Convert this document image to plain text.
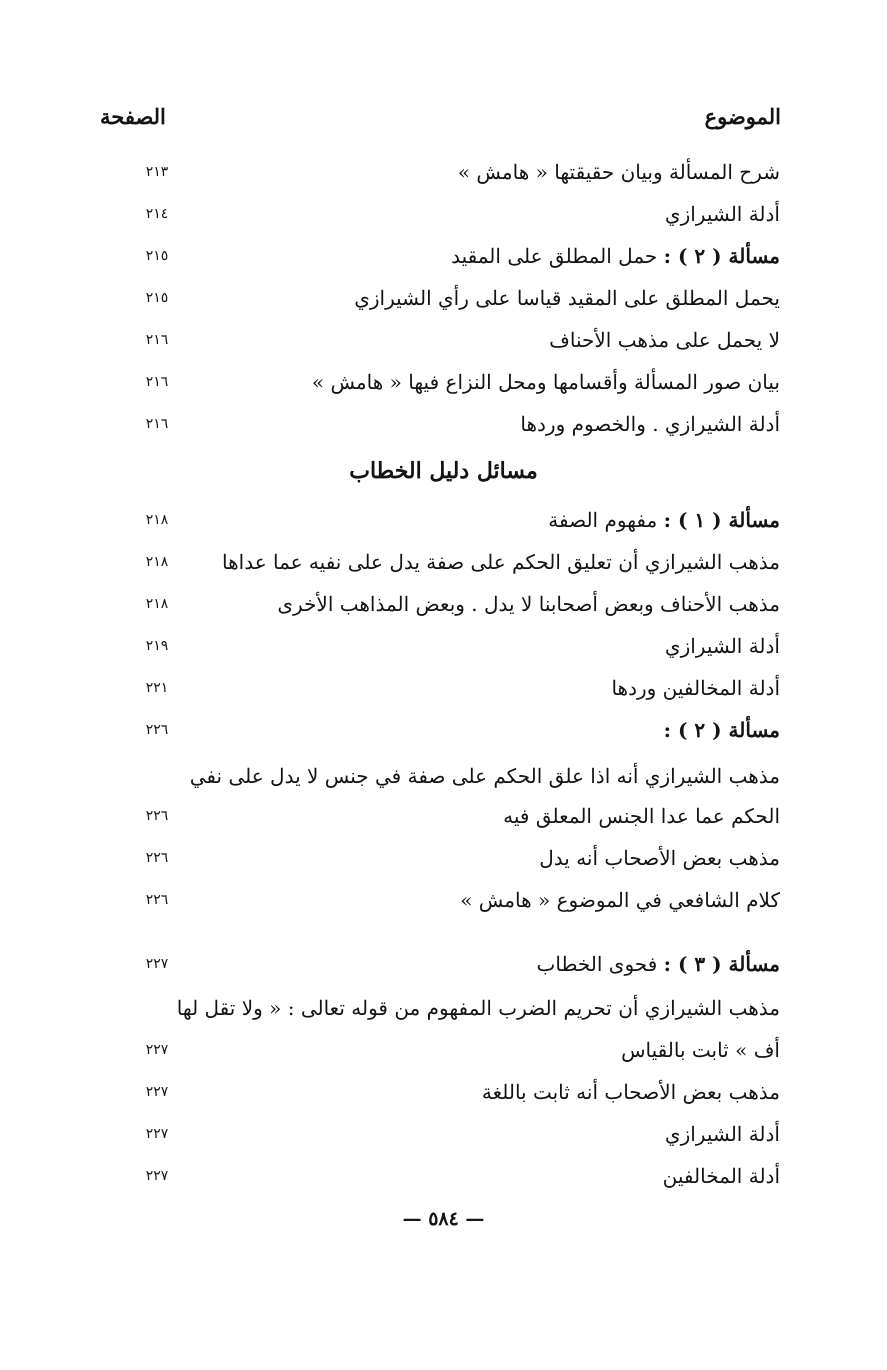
الموضوع
الصفحة
شرح المسألة وبيان حقيقتها « هامش »
٢١٣
أدلة الشيرازي
٢١٤
مسألة ( ٢ ) : حمل المطلق على المقيد
٢١٥
يحمل المطلق على المقيد قياسا على رأي الشيرازي
٢١٥
لا يحمل على مذهب الأحناف
٢١٦
بيان صور المسألة وأقسامها ومحل النزاع فيها « هامش »
٢١٦
أدلة الشيرازي . والخصوم وردها
٢١٦
مسائل دليل الخطاب
مسألة ( ١ ) : مفهوم الصفة
٢١٨
مذهب الشيرازي أن تعليق الحكم على صفة يدل على نفيه عما عداها
٢١٨
مذهب الأحناف وبعض أصحابنا لا يدل . وبعض المذاهب الأخرى
٢١٨
أدلة الشيرازي
٢١٩
أدلة المخالفين وردها
٢٢١
مسألة ( ٢ ) :
٢٢٦
مذهب الشيرازي أنه اذا علق الحكم على صفة في جنس لا يدل على نفي
الحكم عما عدا الجنس المعلق فيه
٢٢٦
مذهب بعض الأصحاب أنه يدل
٢٢٦
كلام الشافعي في الموضوع « هامش »
٢٢٦
مسألة ( ٣ ) : فحوى الخطاب
٢٢٧
مذهب الشيرازي أن تحريم الضرب المفهوم من قوله تعالى : « ولا تقل لها
أف » ثابت بالقياس
٢٢٧
مذهب بعض الأصحاب أنه ثابت باللغة
٢٢٧
أدلة الشيرازي
٢٢٧
أدلة المخالفين
٢٢٧
— ٥٨٤ —
